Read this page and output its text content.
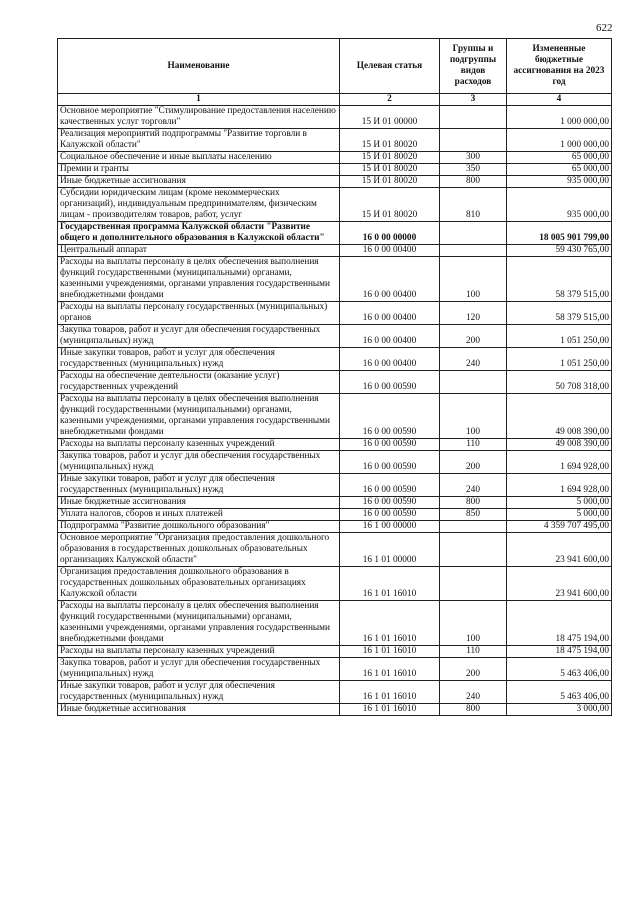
622
Наименование	Целевая статья	Группы и подгруппы видов расходов	Измененные бюджетные ассигнования на 2023 год
1	2	3	4
Основное мероприятие "Стимулирование предоставления населению качественных услуг торговли"	15 И 01 00000		1 000 000,00
Реализация мероприятий подпрограммы "Развитие торговли в Калужской области"	15 И 01 80020		1 000 000,00
Социальное обеспечение и иные выплаты населению	15 И 01 80020	300	65 000,00
Премии и гранты	15 И 01 80020	350	65 000,00
Иные бюджетные ассигнования	15 И 01 80020	800	935 000,00
Субсидии юридическим лицам (кроме некоммерческих организаций), индивидуальным предпринимателям, физическим лицам - производителям товаров, работ, услуг	15 И 01 80020	810	935 000,00
Государственная программа Калужской области "Развитие общего и дополнительного образования в Калужской области"	16 0 00 00000		18 005 901 799,00
Центральный аппарат	16 0 00 00400		59 430 765,00
Расходы на выплаты персоналу в целях обеспечения выполнения функций государственными (муниципальными) органами, казенными учреждениями, органами управления государственными внебюджетными фондами	16 0 00 00400	100	58 379 515,00
Расходы на выплаты персоналу государственных (муниципальных) органов	16 0 00 00400	120	58 379 515,00
Закупка товаров, работ и услуг для обеспечения государственных (муниципальных) нужд	16 0 00 00400	200	1 051 250,00
Иные закупки товаров, работ и услуг для обеспечения государственных (муниципальных) нужд	16 0 00 00400	240	1 051 250,00
Расходы на обеспечение деятельности (оказание услуг) государственных учреждений	16 0 00 00590		50 708 318,00
Расходы на выплаты персоналу в целях обеспечения выполнения функций государственными (муниципальными) органами, казенными учреждениями, органами управления государственными внебюджетными фондами	16 0 00 00590	100	49 008 390,00
Расходы на выплаты персоналу казенных учреждений	16 0 00 00590	110	49 008 390,00
Закупка товаров, работ и услуг для обеспечения государственных (муниципальных) нужд	16 0 00 00590	200	1 694 928,00
Иные закупки товаров, работ и услуг для обеспечения государственных (муниципальных) нужд	16 0 00 00590	240	1 694 928,00
Иные бюджетные ассигнования	16 0 00 00590	800	5 000,00
Уплата налогов, сборов и иных платежей	16 0 00 00590	850	5 000,00
Подпрограмма "Развитие дошкольного образования"	16 1 00 00000		4 359 707 495,00
Основное мероприятие "Организация предоставления дошкольного образования в государственных дошкольных образовательных организациях Калужской области"	16 1 01 00000		23 941 600,00
Организация предоставления дошкольного образования в государственных дошкольных образовательных организациях Калужской области	16 1 01 16010		23 941 600,00
Расходы на выплаты персоналу в целях обеспечения выполнения функций государственными (муниципальными) органами, казенными учреждениями, органами управления государственными внебюджетными фондами	16 1 01 16010	100	18 475 194,00
Расходы на выплаты персоналу казенных учреждений	16 1 01 16010	110	18 475 194,00
Закупка товаров, работ и услуг для обеспечения государственных (муниципальных) нужд	16 1 01 16010	200	5 463 406,00
Иные закупки товаров, работ и услуг для обеспечения государственных (муниципальных) нужд	16 1 01 16010	240	5 463 406,00
Иные бюджетные ассигнования	16 1 01 16010	800	3 000,00
